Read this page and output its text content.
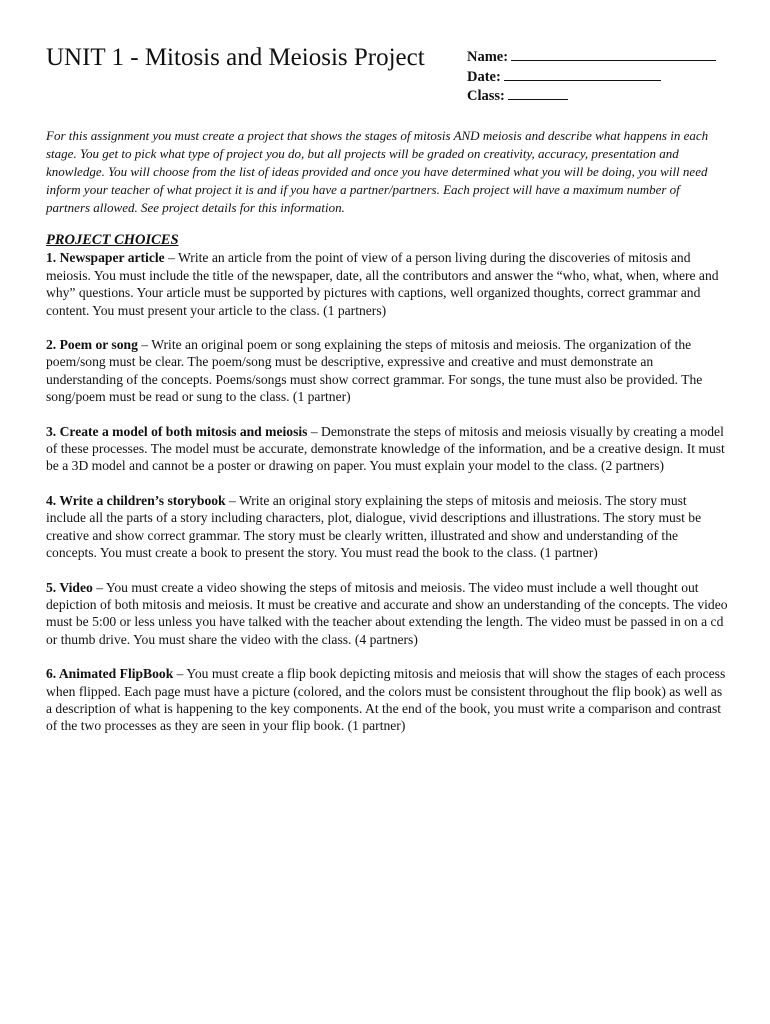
UNIT 1 - Mitosis and Meiosis Project	Name:
Date:
Class:

For this assignment you must create a project that shows the stages of mitosis AND meiosis and describe what happens in each stage. You get to pick what type of project you do, but all projects will be graded on creativity, accuracy, presentation and knowledge. You will choose from the list of ideas provided and once you have determined what you will be doing, you will need inform your teacher of what project it is and if you have a partner/partners. Each project will have a maximum number of partners allowed. See project details for this information.

PROJECT CHOICES

1. Newspaper article – Write an article from the point of view of a person living during the discoveries of mitosis and meiosis. You must include the title of the newspaper, date, all the contributors and answer the “who, what, when, where and why” questions. Your article must be supported by pictures with captions, well organized thoughts, correct grammar and content. You must present your article to the class. (1 partners)

2. Poem or song – Write an original poem or song explaining the steps of mitosis and meiosis. The organization of the poem/song must be clear. The poem/song must be descriptive, expressive and creative and must demonstrate an understanding of the concepts. Poems/songs must show correct grammar. For songs, the tune must also be provided. The song/poem must be read or sung to the class. (1 partner)

3. Create a model of both mitosis and meiosis – Demonstrate the steps of mitosis and meiosis visually by creating a model of these processes. The model must be accurate, demonstrate knowledge of the information, and be a creative design. It must be a 3D model and cannot be a poster or drawing on paper. You must explain your model to the class. (2 partners)

4. Write a children’s storybook – Write an original story explaining the steps of mitosis and meiosis. The story must include all the parts of a story including characters, plot, dialogue, vivid descriptions and illustrations. The story must be creative and show correct grammar. The story must be clearly written, illustrated and show and understanding of the concepts. You must create a book to present the story. You must read the book to the class. (1 partner)

5. Video – You must create a video showing the steps of mitosis and meiosis. The video must include a well thought out depiction of both mitosis and meiosis. It must be creative and accurate and show an understanding of the concepts. The video must be 5:00 or less unless you have talked with the teacher about extending the length. The video must be passed in on a cd or thumb drive. You must share the video with the class. (4 partners)

6. Animated FlipBook – You must create a flip book depicting mitosis and meiosis that will show the stages of each process when flipped. Each page must have a picture (colored, and the colors must be consistent throughout the flip book) as well as a description of what is happening to the key components. At the end of the book, you must write a comparison and contrast of the two processes as they are seen in your flip book. (1 partner)
